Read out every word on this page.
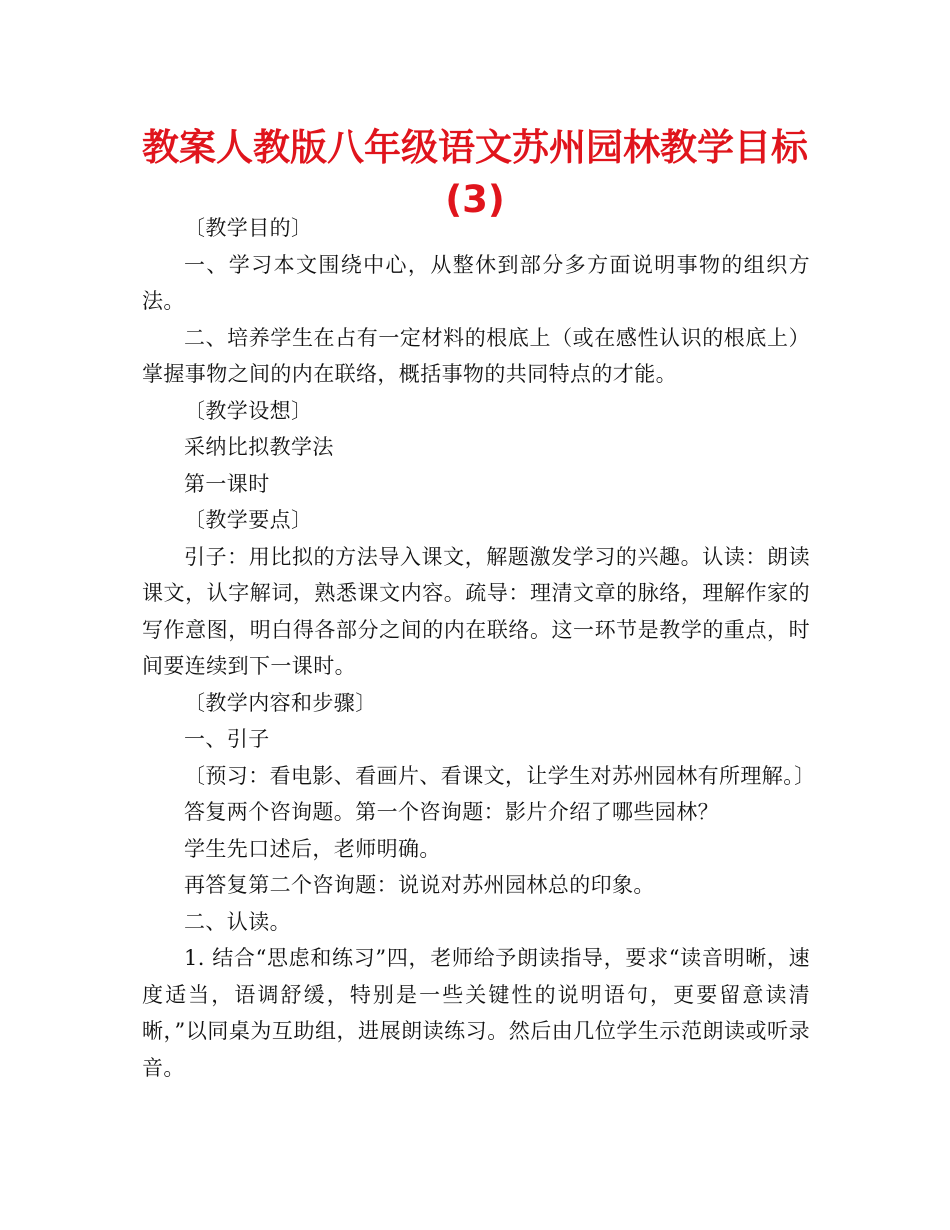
教案人教版八年级语文苏州园林教学目标
(3)

〔教学目的〕

一、学习本文围绕中心，从整休到部分多方面说明事物的组织方法。

二、培养学生在占有一定材料的根底上（或在感性认识的根底上）掌握事物之间的内在联络，概括事物的共同特点的才能。

〔教学设想〕

采纳比拟教学法

第一课时

〔教学要点〕

引子：用比拟的方法导入课文，解题激发学习的兴趣。认读：朗读课文，认字解词，熟悉课文内容。疏导：理清文章的脉络，理解作家的写作意图，明白得各部分之间的内在联络。这一环节是教学的重点，时间要连续到下一课时。

〔教学内容和步骤〕

一、引子

〔预习：看电影、看画片、看课文，让学生对苏州园林有所理解。〕

答复两个咨询题。第一个咨询题：影片介绍了哪些园林？

学生先口述后，老师明确。

再答复第二个咨询题：说说对苏州园林总的印象。

二、认读。

1. 结合“思虑和练习”四，老师给予朗读指导，要求“读音明晰，速度适当，语调舒缓，特别是一些关键性的说明语句，更要留意读清晰，”以同桌为互助组，进展朗读练习。然后由几位学生示范朗读或听录音。
